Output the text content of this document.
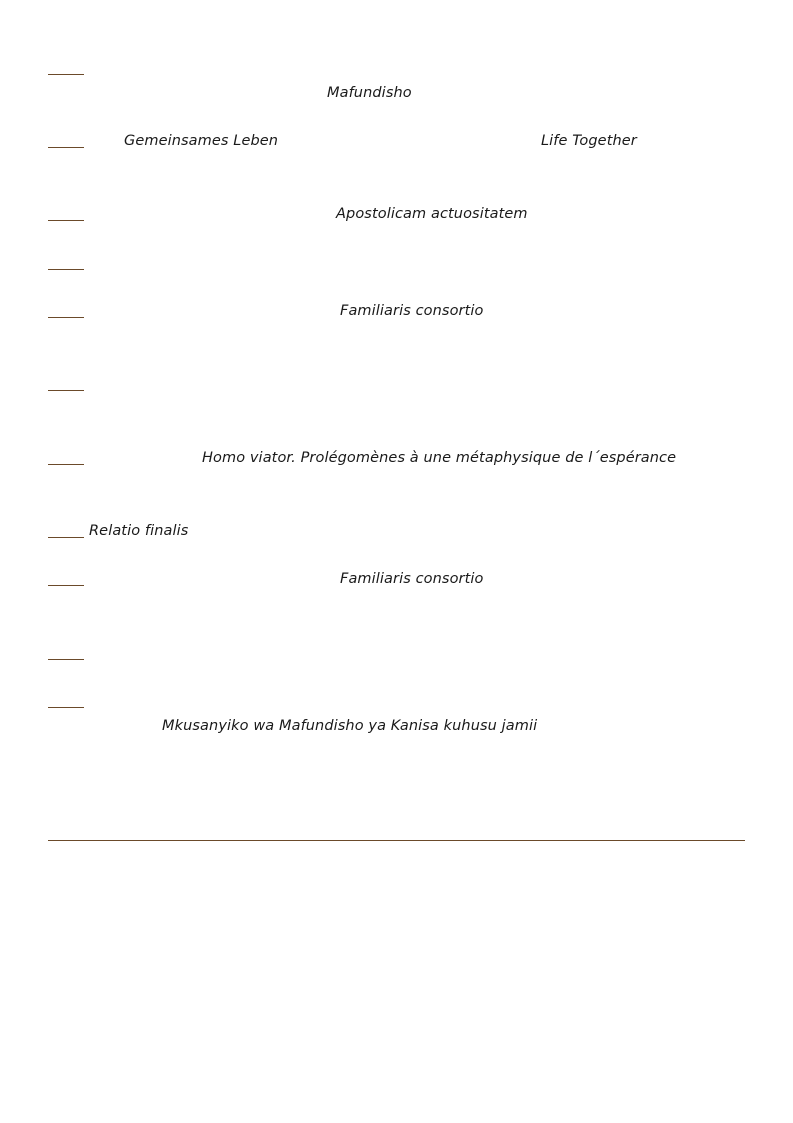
Mafundisho
Gemeinsames Leben	Life Together
Apostolicam actuositatem
Familiaris consortio
Homo viator. Prolégomènes à une métaphysique de l´espérance
Relatio finalis
Familiaris consortio
Mkusanyiko wa Mafundisho ya Kanisa kuhusu jamii
